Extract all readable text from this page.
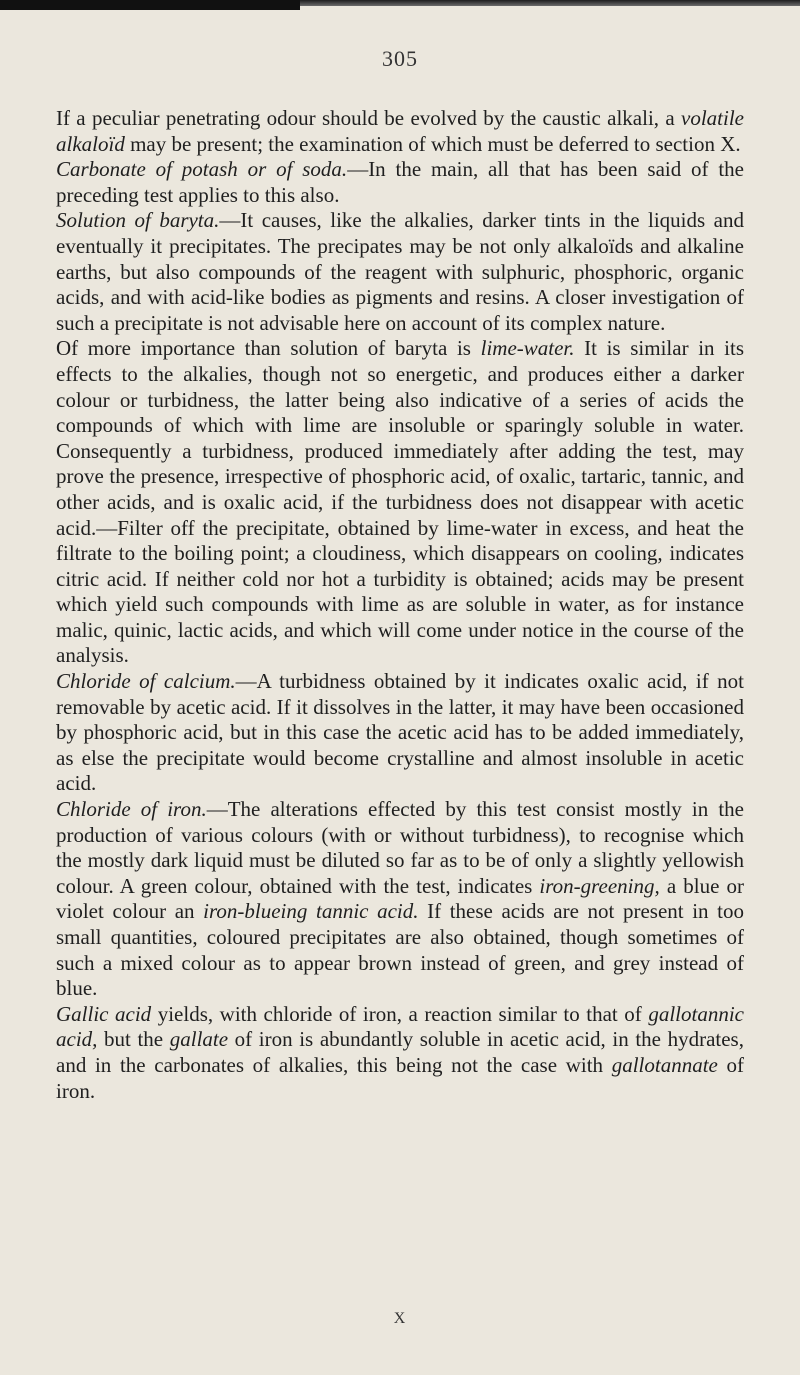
305

If a peculiar penetrating odour should be evolved by the caustic alkali, a volatile alkaloïd may be present; the examination of which must be deferred to section X.

Carbonate of potash or of soda.—In the main, all that has been said of the preceding test applies to this also.

Solution of baryta.—It causes, like the alkalies, darker tints in the liquids and eventually it precipitates. The precipates may be not only alkaloïds and alkaline earths, but also compounds of the reagent with sulphuric, phosphoric, organic acids, and with acid-like bodies as pigments and resins. A closer investigation of such a precipitate is not advisable here on account of its complex nature.

Of more importance than solution of baryta is lime-water. It is similar in its effects to the alkalies, though not so energetic, and produces either a darker colour or turbidness, the latter being also indicative of a series of acids the compounds of which with lime are insoluble or sparingly soluble in water. Consequently a turbidness, produced immediately after adding the test, may prove the presence, irrespective of phosphoric acid, of oxalic, tartaric, tannic, and other acids, and is oxalic acid, if the turbidness does not disappear with acetic acid.—Filter off the precipitate, obtained by lime-water in excess, and heat the filtrate to the boiling point; a cloudiness, which disappears on cooling, indicates citric acid. If neither cold nor hot a turbidity is obtained; acids may be present which yield such compounds with lime as are soluble in water, as for instance malic, quinic, lactic acids, and which will come under notice in the course of the analysis.

Chloride of calcium.—A turbidness obtained by it indicates oxalic acid, if not removable by acetic acid. If it dissolves in the latter, it may have been occasioned by phosphoric acid, but in this case the acetic acid has to be added immediately, as else the precipitate would become crystalline and almost insoluble in acetic acid.

Chloride of iron.—The alterations effected by this test consist mostly in the production of various colours (with or without turbidness), to recognise which the mostly dark liquid must be diluted so far as to be of only a slightly yellowish colour. A green colour, obtained with the test, indicates iron-greening, a blue or violet colour an iron-blueing tannic acid. If these acids are not present in too small quantities, coloured precipitates are also obtained, though sometimes of such a mixed colour as to appear brown instead of green, and grey instead of blue.

Gallic acid yields, with chloride of iron, a reaction similar to that of gallotannic acid, but the gallate of iron is abundantly soluble in acetic acid, in the hydrates, and in the carbonates of alkalies, this being not the case with gallotannate of iron.

X
